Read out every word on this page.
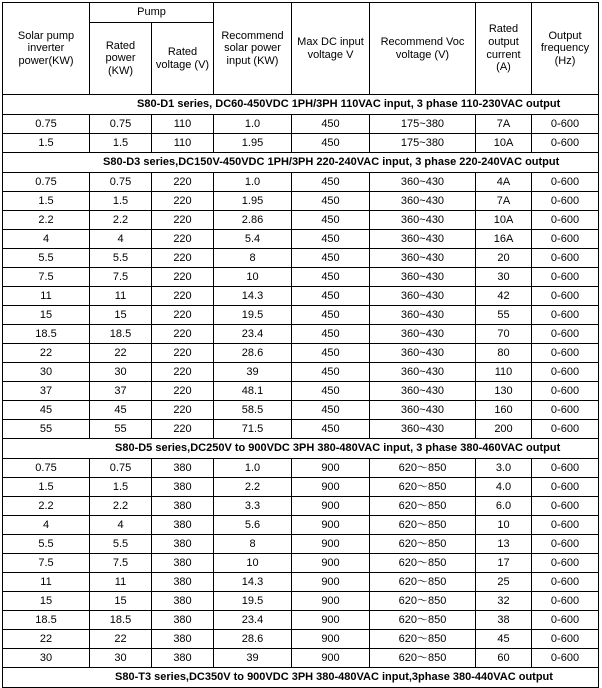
Solar pump inverter power(KW)	Pump		Recommend solar power input (KW)	Max DC input voltage V	Recommend Voc voltage (V)	Rated output current (A)	Output frequency (Hz)
	Rated power (KW)	Rated voltage (V)					
S80-D1 series, DC60-450VDC 1PH/3PH 110VAC input, 3 phase 110-230VAC output							
0.75	0.75	110	1.0	450	175~380	7A	0-600
1.5	1.5	110	1.95	450	175~380	10A	0-600
S80-D3 series,DC150V-450VDC 1PH/3PH 220-240VAC input, 3 phase 220-240VAC output							
0.75	0.75	220	1.0	450	360~430	4A	0-600
1.5	1.5	220	1.95	450	360~430	7A	0-600
2.2	2.2	220	2.86	450	360~430	10A	0-600
4	4	220	5.4	450	360~430	16A	0-600
5.5	5.5	220	8	450	360~430	20	0-600
7.5	7.5	220	10	450	360~430	30	0-600
11	11	220	14.3	450	360~430	42	0-600
15	15	220	19.5	450	360~430	55	0-600
18.5	18.5	220	23.4	450	360~430	70	0-600
22	22	220	28.6	450	360~430	80	0-600
30	30	220	39	450	360~430	110	0-600
37	37	220	48.1	450	360~430	130	0-600
45	45	220	58.5	450	360~430	160	0-600
55	55	220	71.5	450	360~430	200	0-600
S80-D5 series,DC250V to 900VDC 3PH 380-480VAC input, 3 phase 380-460VAC output							
0.75	0.75	380	1.0	900	620～850	3.0	0-600
1.5	1.5	380	2.2	900	620～850	4.0	0-600
2.2	2.2	380	3.3	900	620～850	6.0	0-600
4	4	380	5.6	900	620～850	10	0-600
5.5	5.5	380	8	900	620～850	13	0-600
7.5	7.5	380	10	900	620～850	17	0-600
11	11	380	14.3	900	620～850	25	0-600
15	15	380	19.5	900	620～850	32	0-600
18.5	18.5	380	23.4	900	620～850	38	0-600
22	22	380	28.6	900	620～850	45	0-600
30	30	380	39	900	620～850	60	0-600
S80-T3 series,DC350V to 900VDC 3PH 380-480VAC input,3phase 380-440VAC output							
